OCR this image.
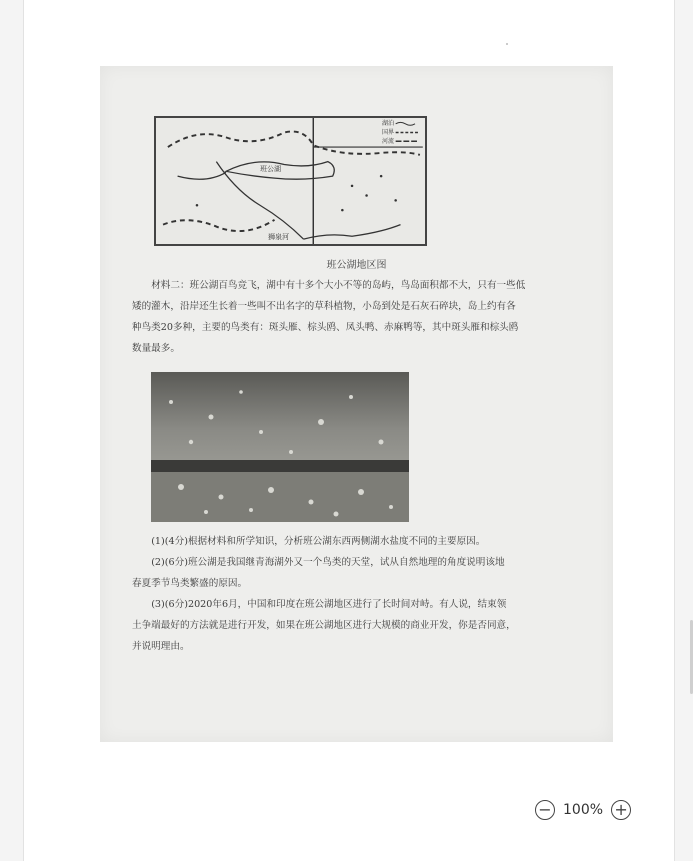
湖泊
国界
河流
班公湖
狮泉河
班公湖地区图

材料二：班公湖百鸟竞飞，湖中有十多个大小不等的岛屿，鸟岛面积都不大，只有一些低

矮的灌木，沿岸还生长着一些叫不出名字的草科植物，小岛到处是石灰石碎块，岛上约有各

种鸟类20多种，主要的鸟类有：斑头雁、棕头鸥、凤头鸭、赤麻鸭等，其中斑头雁和棕头鸥

数量最多。

(1)(4分)根据材料和所学知识，分析班公湖东西两侧湖水盐度不同的主要原因。

(2)(6分)班公湖是我国继青海湖外又一个鸟类的天堂，试从自然地理的角度说明该地

春夏季节鸟类繁盛的原因。

(3)(6分)2020年6月，中国和印度在班公湖地区进行了长时间对峙。有人说，结束领

土争端最好的方法就是进行开发，如果在班公湖地区进行大规模的商业开发，你是否同意，

并说明理由。

− 100% +
